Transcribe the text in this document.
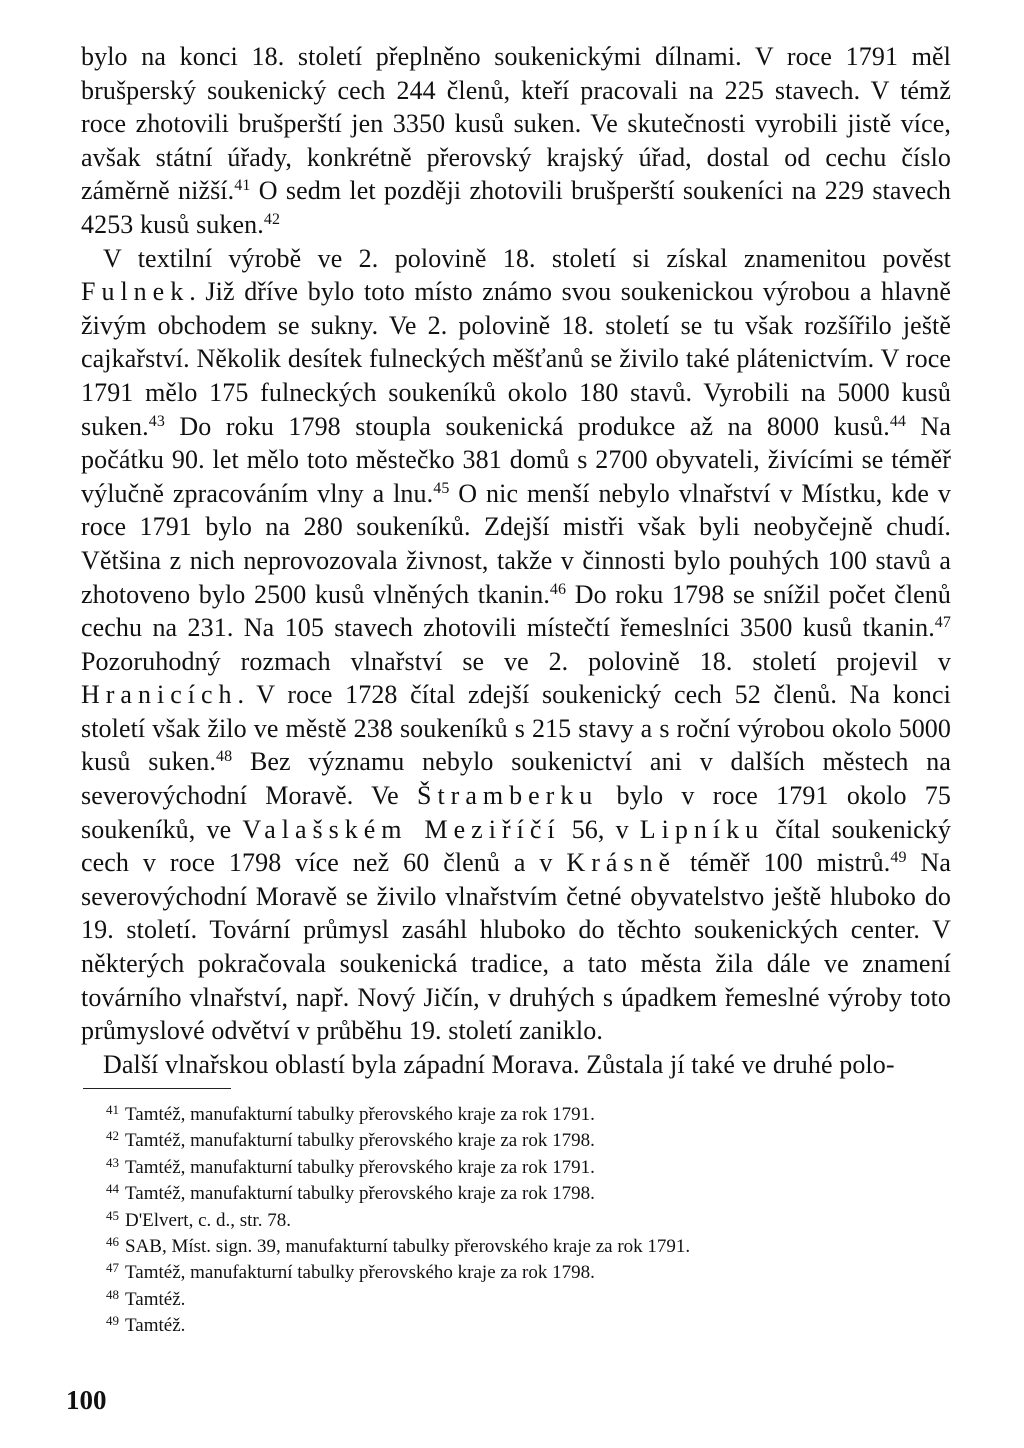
bylo na konci 18. století přeplněno soukenickými dílnami. V roce 1791 měl brušperský soukenický cech 244 členů, kteří pracovali na 225 stavech. V témž roce zhotovili brušperští jen 3350 kusů suken. Ve skutečnosti vyrobili jistě více, avšak státní úřady, konkrétně přerovský krajský úřad, dostal od cechu číslo záměrně nižší.$^{41}$ O sedm let později zhotovili brušperští soukeníci na 229 stavech 4253 kusů suken.$^{42}$

V textilní výrobě ve 2. polovině 18. století si získal znamenitou pověst Fulnek. Již dříve bylo toto místo známo svou soukenickou výrobou a hlavně živým obchodem se sukny. Ve 2. polovině 18. století se tu však rozšířilo ještě cajkařství. Několik desítek fulneckých měšťanů se živilo také plátenictvím. V roce 1791 mělo 175 fulneckých soukeníků okolo 180 stavů. Vyrobili na 5000 kusů suken.$^{43}$ Do roku 1798 stoupla soukenická produkce až na 8000 kusů.$^{44}$ Na počátku 90. let mělo toto městečko 381 domů s 2700 obyvateli, živícími se téměř výlučně zpracováním vlny a lnu.$^{45}$ O nic menší nebylo vlnařství v Místku, kde v roce 1791 bylo na 280 soukeníků. Zdejší mistři však byli neobyčejně chudí. Většina z nich neprovozovala živnost, takže v činnosti bylo pouhých 100 stavů a zhotoveno bylo 2500 kusů vlněných tkanin.$^{46}$ Do roku 1798 se snížil počet členů cechu na 231. Na 105 stavech zhotovili místečtí řemeslníci 3500 kusů tkanin.$^{47}$ Pozoruhodný rozmach vlnařství se ve 2. polovině 18. století projevil v Hranicích. V roce 1728 čítal zdejší soukenický cech 52 členů. Na konci století však žilo ve městě 238 soukeníků s 215 stavy a s roční výrobou okolo 5000 kusů suken.$^{48}$ Bez významu nebylo soukenictví ani v dalších městech na severovýchodní Moravě. Ve Štramberku bylo v roce 1791 okolo 75 soukeníků, ve Valašském Meziříčí 56, v Lipníku čítal soukenický cech v roce 1798 více než 60 členů a v Krásně téměř 100 mistrů.$^{49}$ Na severovýchodní Moravě se živilo vlnařstvím četné obyvatelstvo ještě hluboko do 19. století. Tovární průmysl zasáhl hluboko do těchto soukenických center. V některých pokračovala soukenická tradice, a tato města žila dále ve znamení továrního vlnařství, např. Nový Jičín, v druhých s úpadkem řemeslné výroby toto průmyslové odvětví v průběhu 19. století zaniklo.

Další vlnařskou oblastí byla západní Morava. Zůstala jí také ve druhé polo-

$^{41}$ Tamtéž, manufakturní tabulky přerovského kraje za rok 1791.
$^{42}$ Tamtéž, manufakturní tabulky přerovského kraje za rok 1798.
$^{43}$ Tamtéž, manufakturní tabulky přerovského kraje za rok 1791.
$^{44}$ Tamtéž, manufakturní tabulky přerovského kraje za rok 1798.
$^{45}$ D'Elvert, c. d., str. 78.
$^{46}$ SAB, Míst. sign. 39, manufakturní tabulky přerovského kraje za rok 1791.
$^{47}$ Tamtéž, manufakturní tabulky přerovského kraje za rok 1798.
$^{48}$ Tamtéž.
$^{49}$ Tamtéž.
100
